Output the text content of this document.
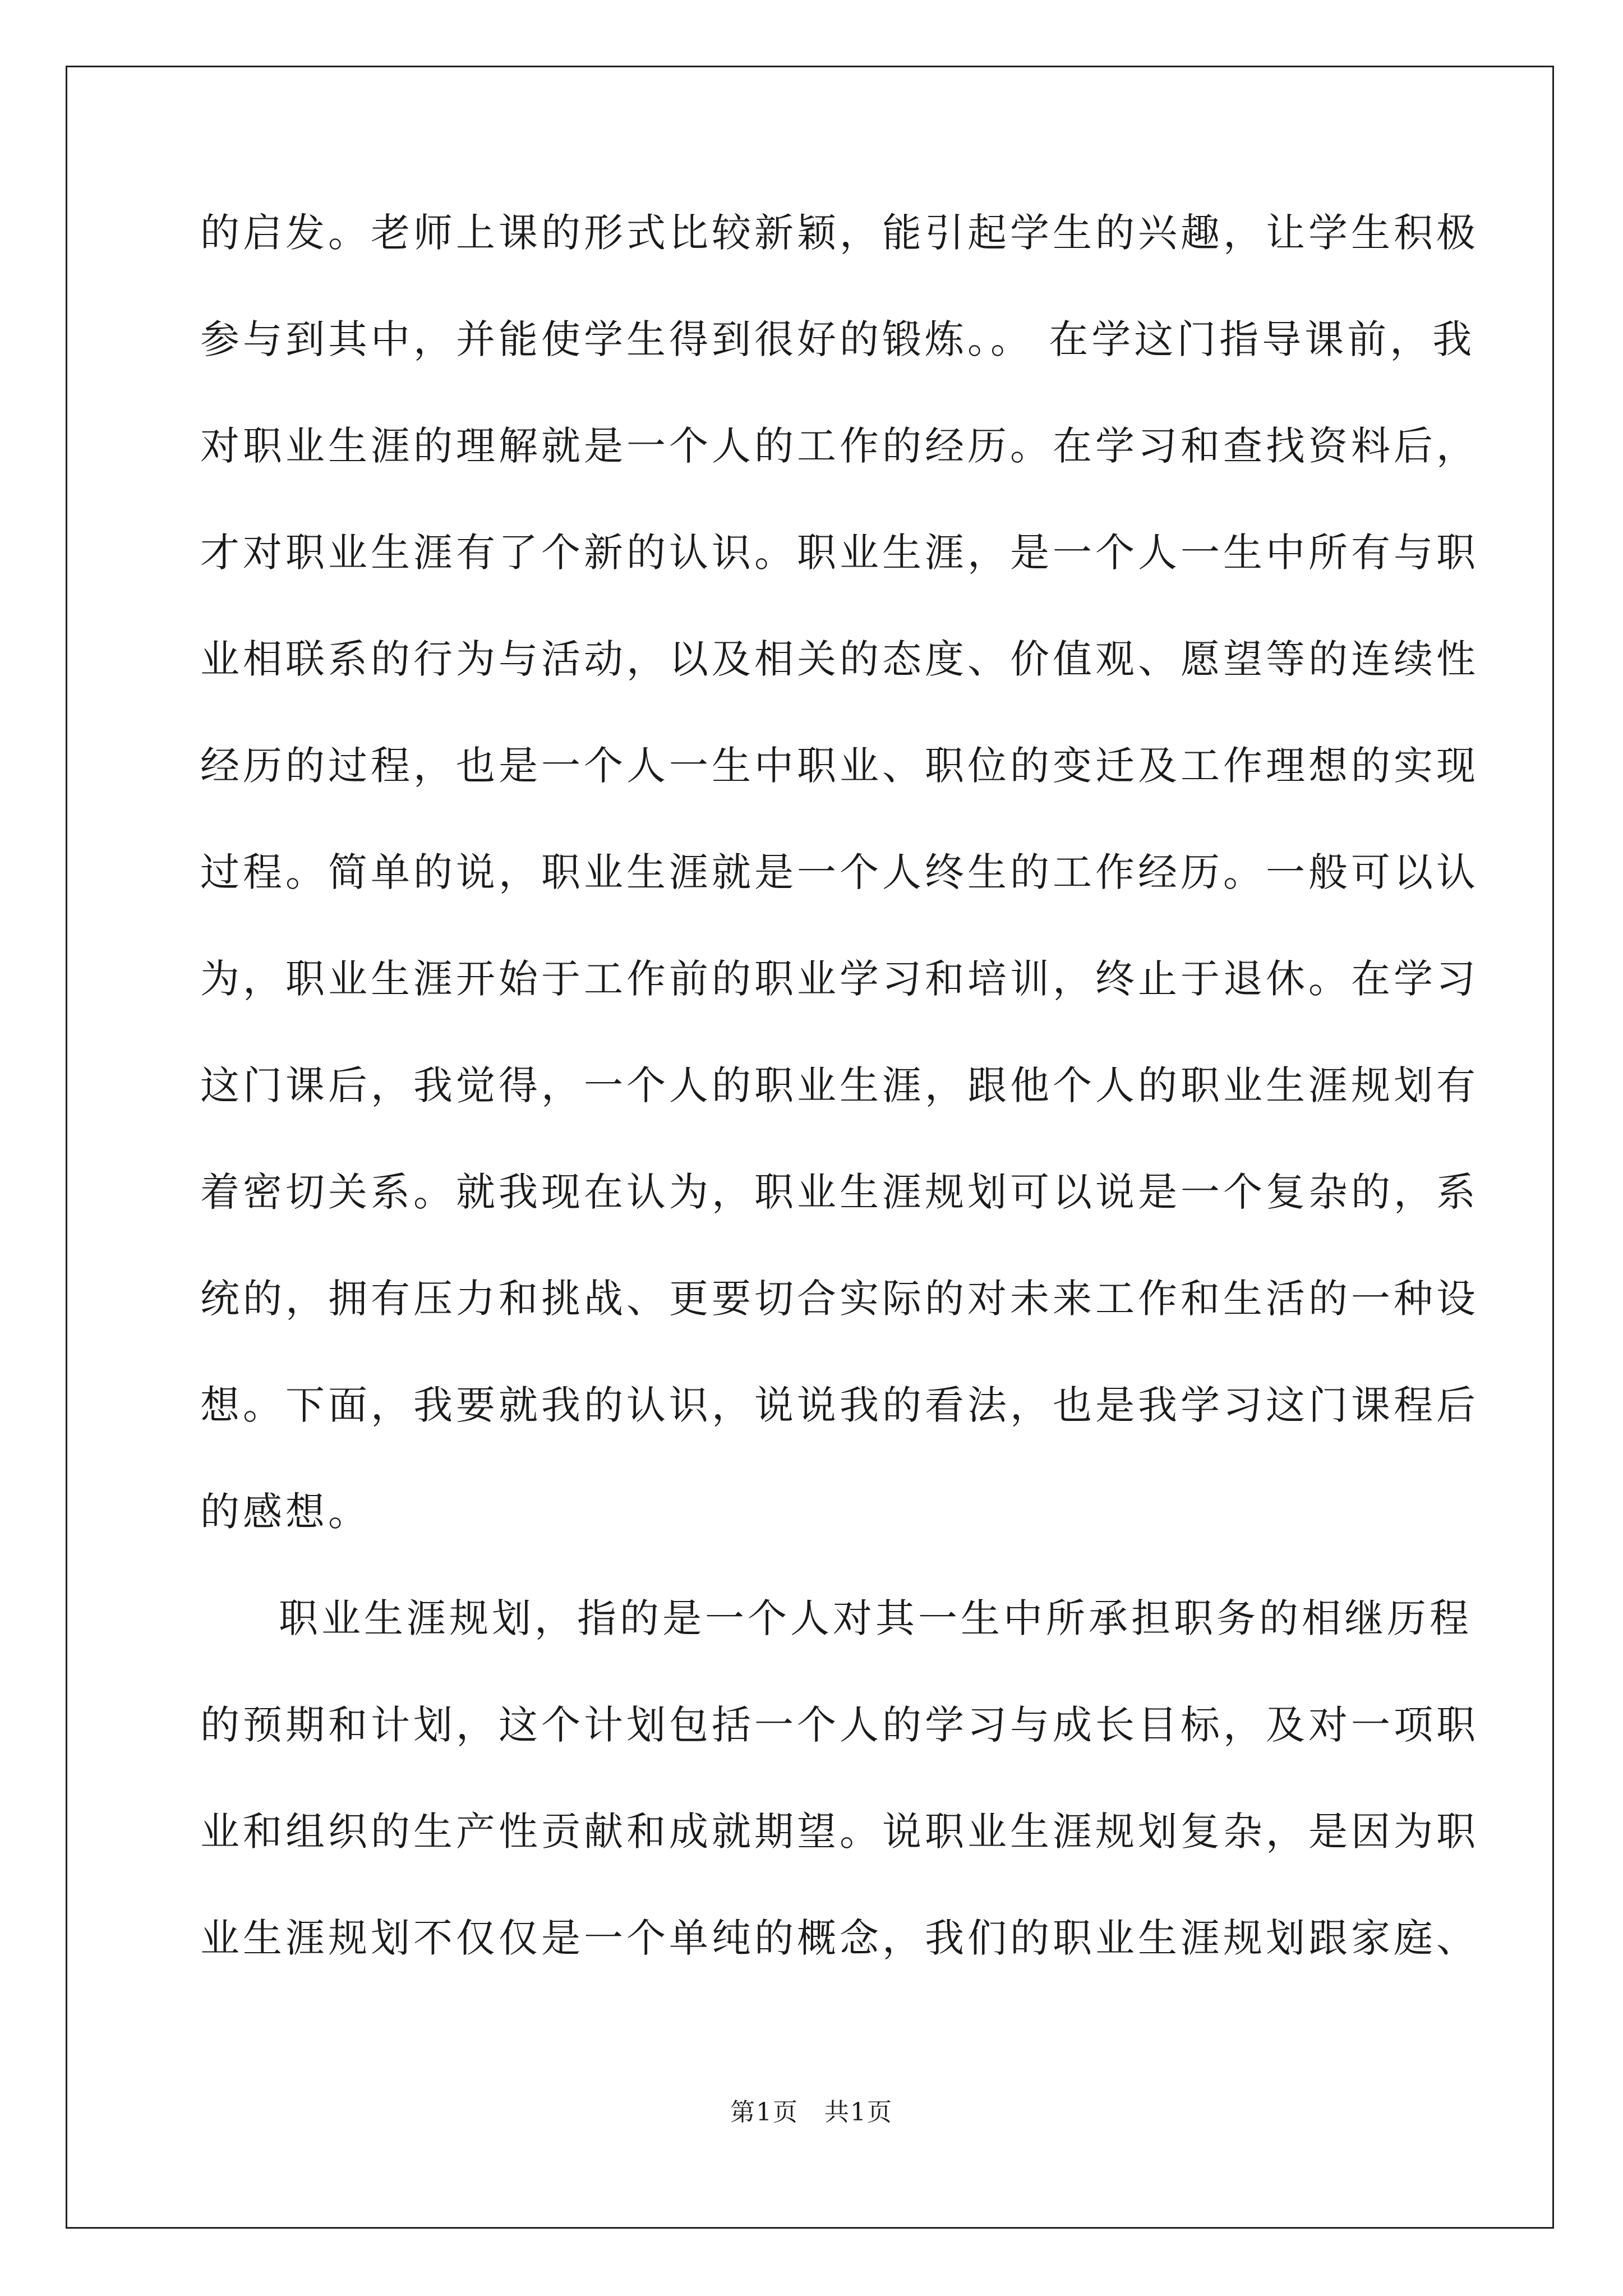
的启发。老师上课的形式比较新颖，能引起学生的兴趣，让学生积极
参与到其中，并能使学生得到很好的锻炼。。 在学这门指导课前，我
对职业生涯的理解就是一个人的工作的经历。在学习和查找资料后，
才对职业生涯有了个新的认识。职业生涯，是一个人一生中所有与职
业相联系的行为与活动，以及相关的态度、价值观、愿望等的连续性
经历的过程，也是一个人一生中职业、职位的变迁及工作理想的实现
过程。简单的说，职业生涯就是一个人终生的工作经历。一般可以认
为，职业生涯开始于工作前的职业学习和培训，终止于退休。在学习
这门课后，我觉得，一个人的职业生涯，跟他个人的职业生涯规划有
着密切关系。就我现在认为，职业生涯规划可以说是一个复杂的，系
统的，拥有压力和挑战、更要切合实际的对未来工作和生活的一种设
想。下面，我要就我的认识，说说我的看法，也是我学习这门课程后
的感想。
职业生涯规划，指的是一个人对其一生中所承担职务的相继历程
的预期和计划，这个计划包括一个人的学习与成长目标，及对一项职
业和组织的生产性贡献和成就期望。说职业生涯规划复杂，是因为职
业生涯规划不仅仅是一个单纯的概念，我们的职业生涯规划跟家庭、
第1页　共1页
